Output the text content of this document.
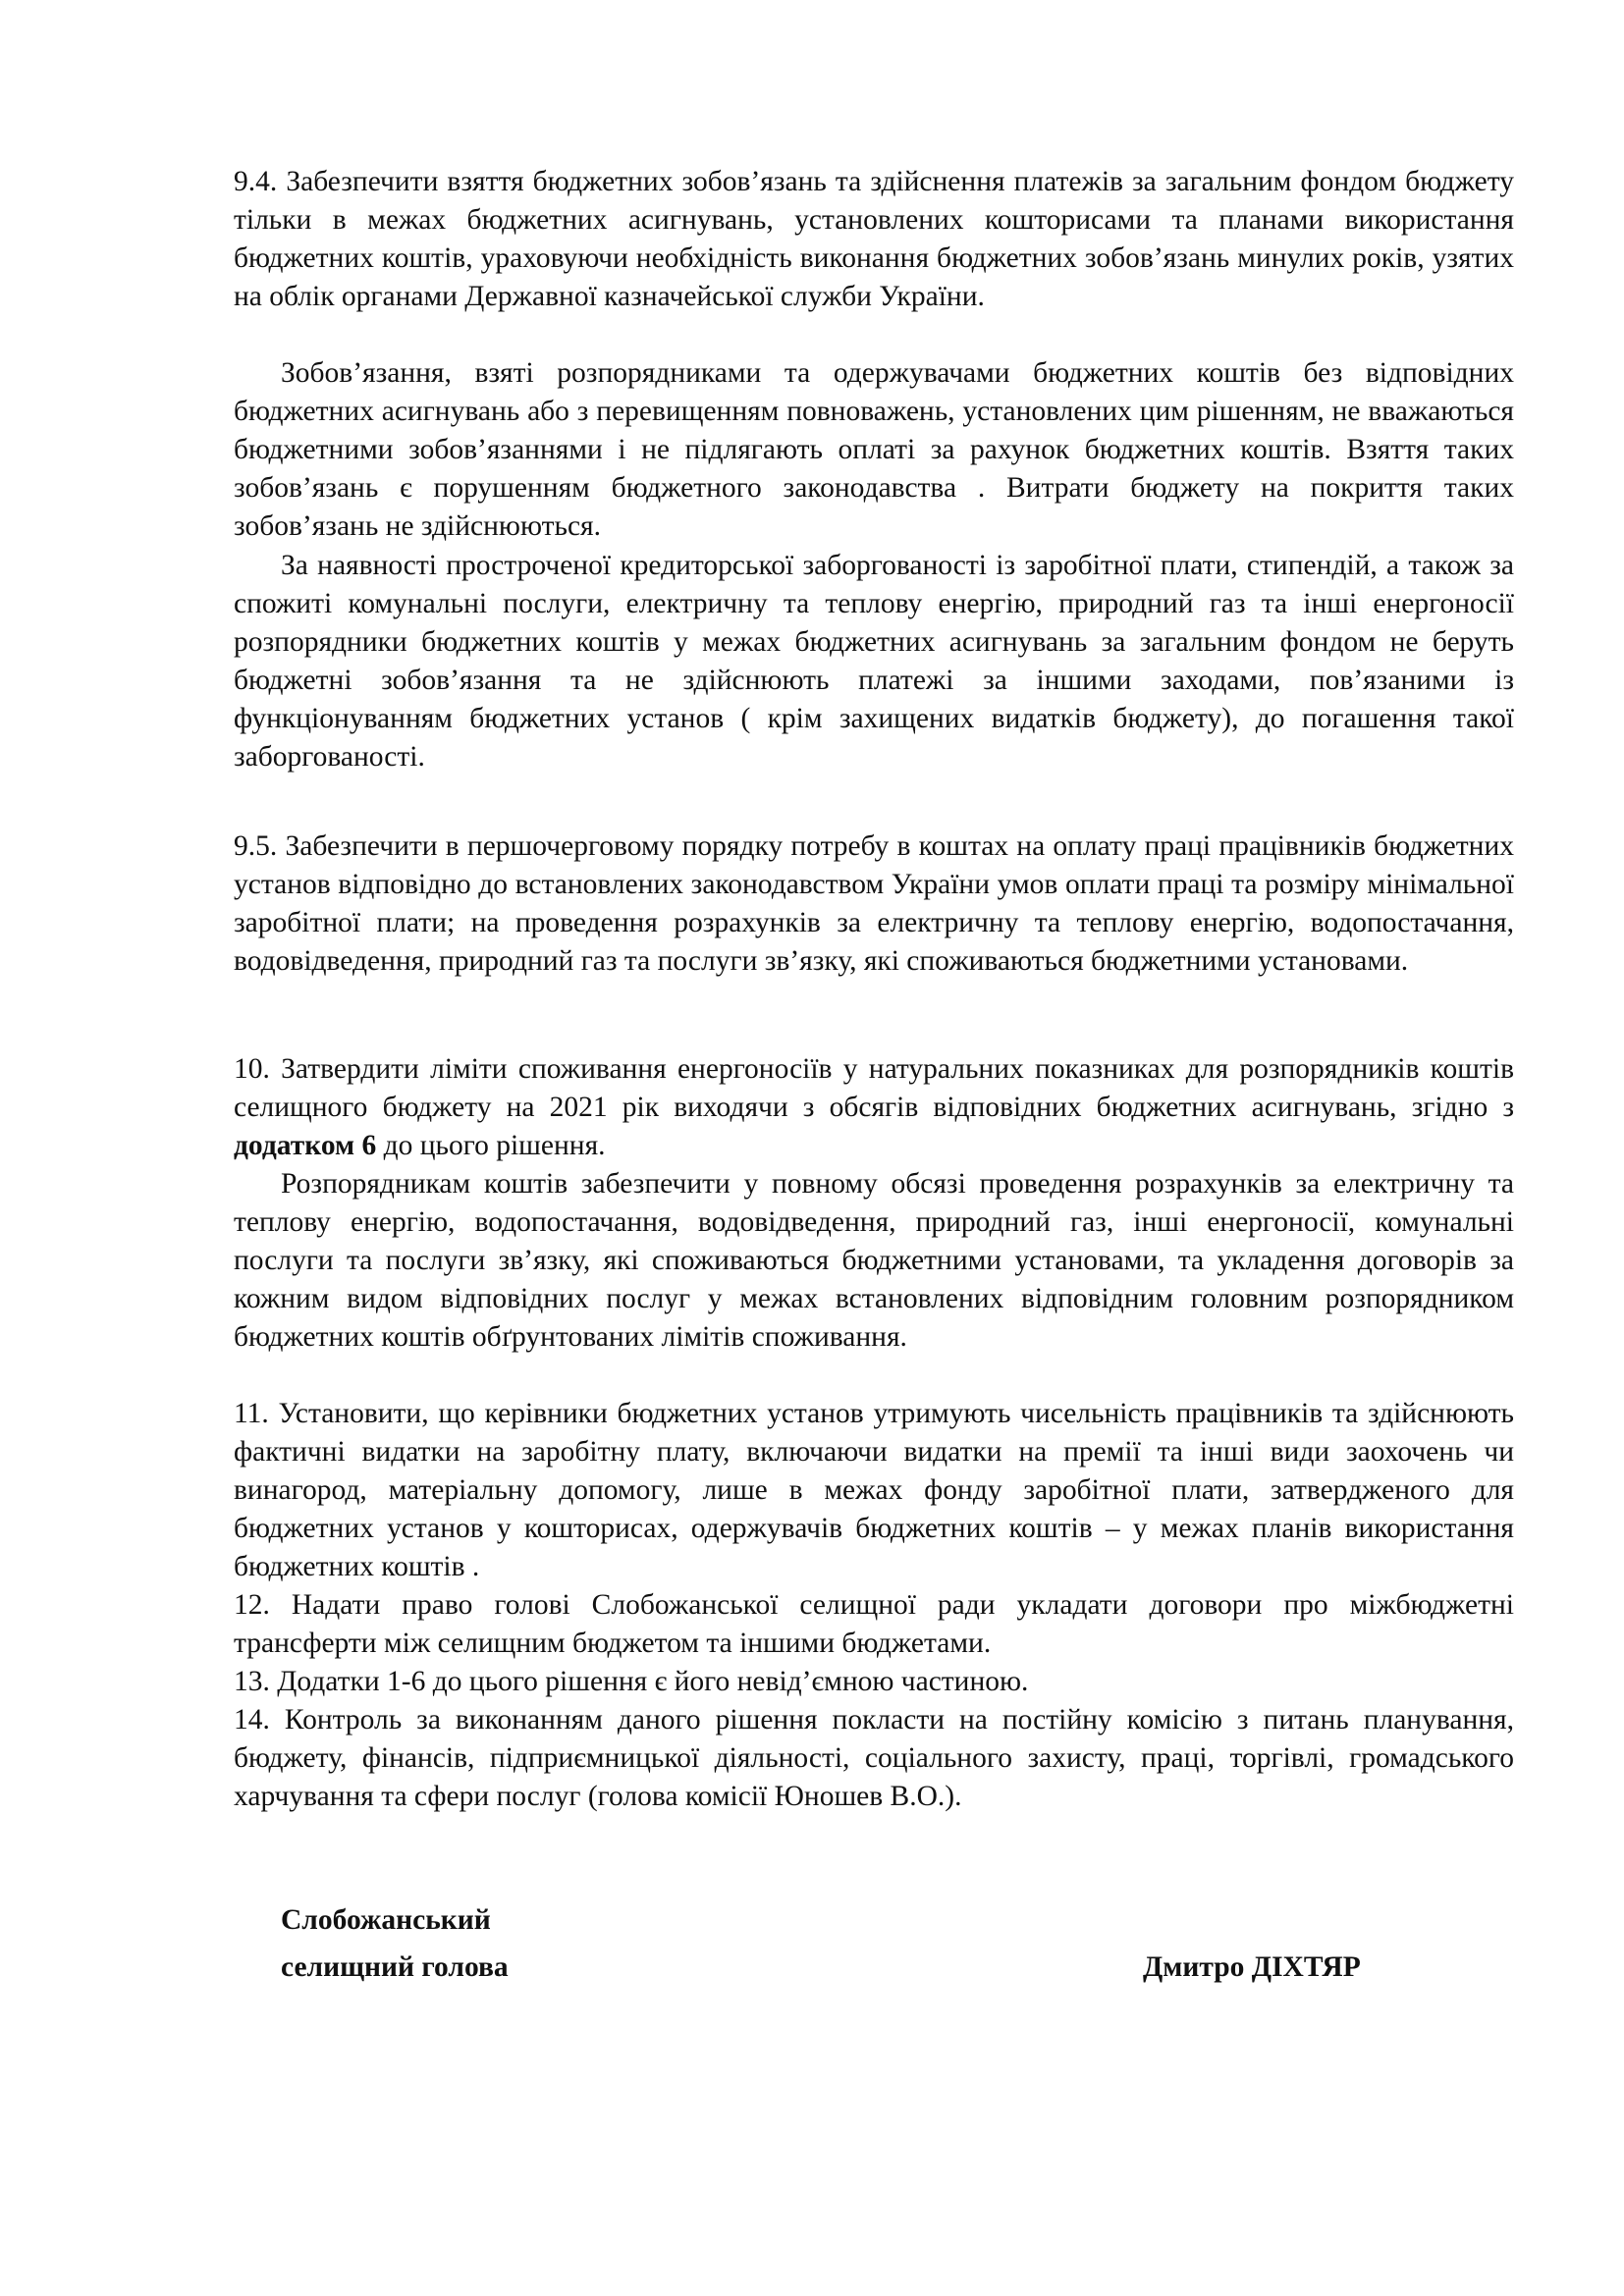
9.4. Забезпечити взяття бюджетних зобов’язань та здійснення платежів за загальним фондом бюджету тільки в межах бюджетних асигнувань, установлених кошторисами та планами використання бюджетних коштів, ураховуючи необхідність виконання бюджетних зобов’язань минулих років, узятих на облік органами Державної казначейської служби України.

Зобов’язання, взяті розпорядниками та одержувачами бюджетних коштів без відповідних бюджетних асигнувань або з перевищенням повноважень, установлених цим рішенням, не вважаються бюджетними зобов’язаннями і не підлягають оплаті за рахунок бюджетних коштів. Взяття таких зобов’язань є порушенням бюджетного законодавства . Витрати бюджету на покриття таких зобов’язань не здійснюються.

За наявності простроченої кредиторської заборгованості із заробітної плати, стипендій, а також за спожиті комунальні послуги, електричну та теплову енергію, природний газ та інші енергоносії розпорядники бюджетних коштів у межах бюджетних асигнувань за загальним фондом не беруть бюджетні зобов’язання та не здійснюють платежі за іншими заходами, пов’язаними із функціонуванням бюджетних установ ( крім захищених видатків бюджету), до погашення такої заборгованості.

9.5. Забезпечити в першочерговому порядку потребу в коштах на оплату праці працівників бюджетних установ відповідно до встановлених законодавством України умов оплати праці та розміру мінімальної заробітної плати; на проведення розрахунків за електричну та теплову енергію, водопостачання, водовідведення, природний газ та послуги зв’язку, які споживаються бюджетними установами.

10. Затвердити ліміти споживання енергоносіїв у натуральних показниках для розпорядників коштів селищного бюджету на 2021 рік виходячи з обсягів відповідних бюджетних асигнувань, згідно з додатком 6 до цього рішення.

Розпорядникам коштів забезпечити у повному обсязі проведення розрахунків за електричну та теплову енергію, водопостачання, водовідведення, природний газ, інші енергоносії, комунальні послуги та послуги зв’язку, які споживаються бюджетними установами, та укладення договорів за кожним видом відповідних послуг у межах встановлених відповідним головним розпорядником бюджетних коштів обґрунтованих лімітів споживання.

11. Установити, що керівники бюджетних установ утримують чисельність працівників та здійснюють фактичні видатки на заробітну плату, включаючи видатки на премії та інші види заохочень чи винагород, матеріальну допомогу, лише в межах фонду заробітної плати, затвердженого для бюджетних установ у кошторисах, одержувачів бюджетних коштів – у межах планів використання бюджетних коштів .

12. Надати право голові Слобожанської селищної ради укладати договори про міжбюджетні трансферти між селищним бюджетом та іншими бюджетами.

13. Додатки 1-6 до цього рішення є його невід’ємною частиною.

14. Контроль за виконанням даного рішення покласти на постійну комісію з питань планування, бюджету, фінансів, підприємницької діяльності, соціального захисту, праці, торгівлі, громадського харчування та сфери послуг (голова комісії Юношев В.О.).

Слобожанський
селищний голова	Дмитро ДІХТЯР
